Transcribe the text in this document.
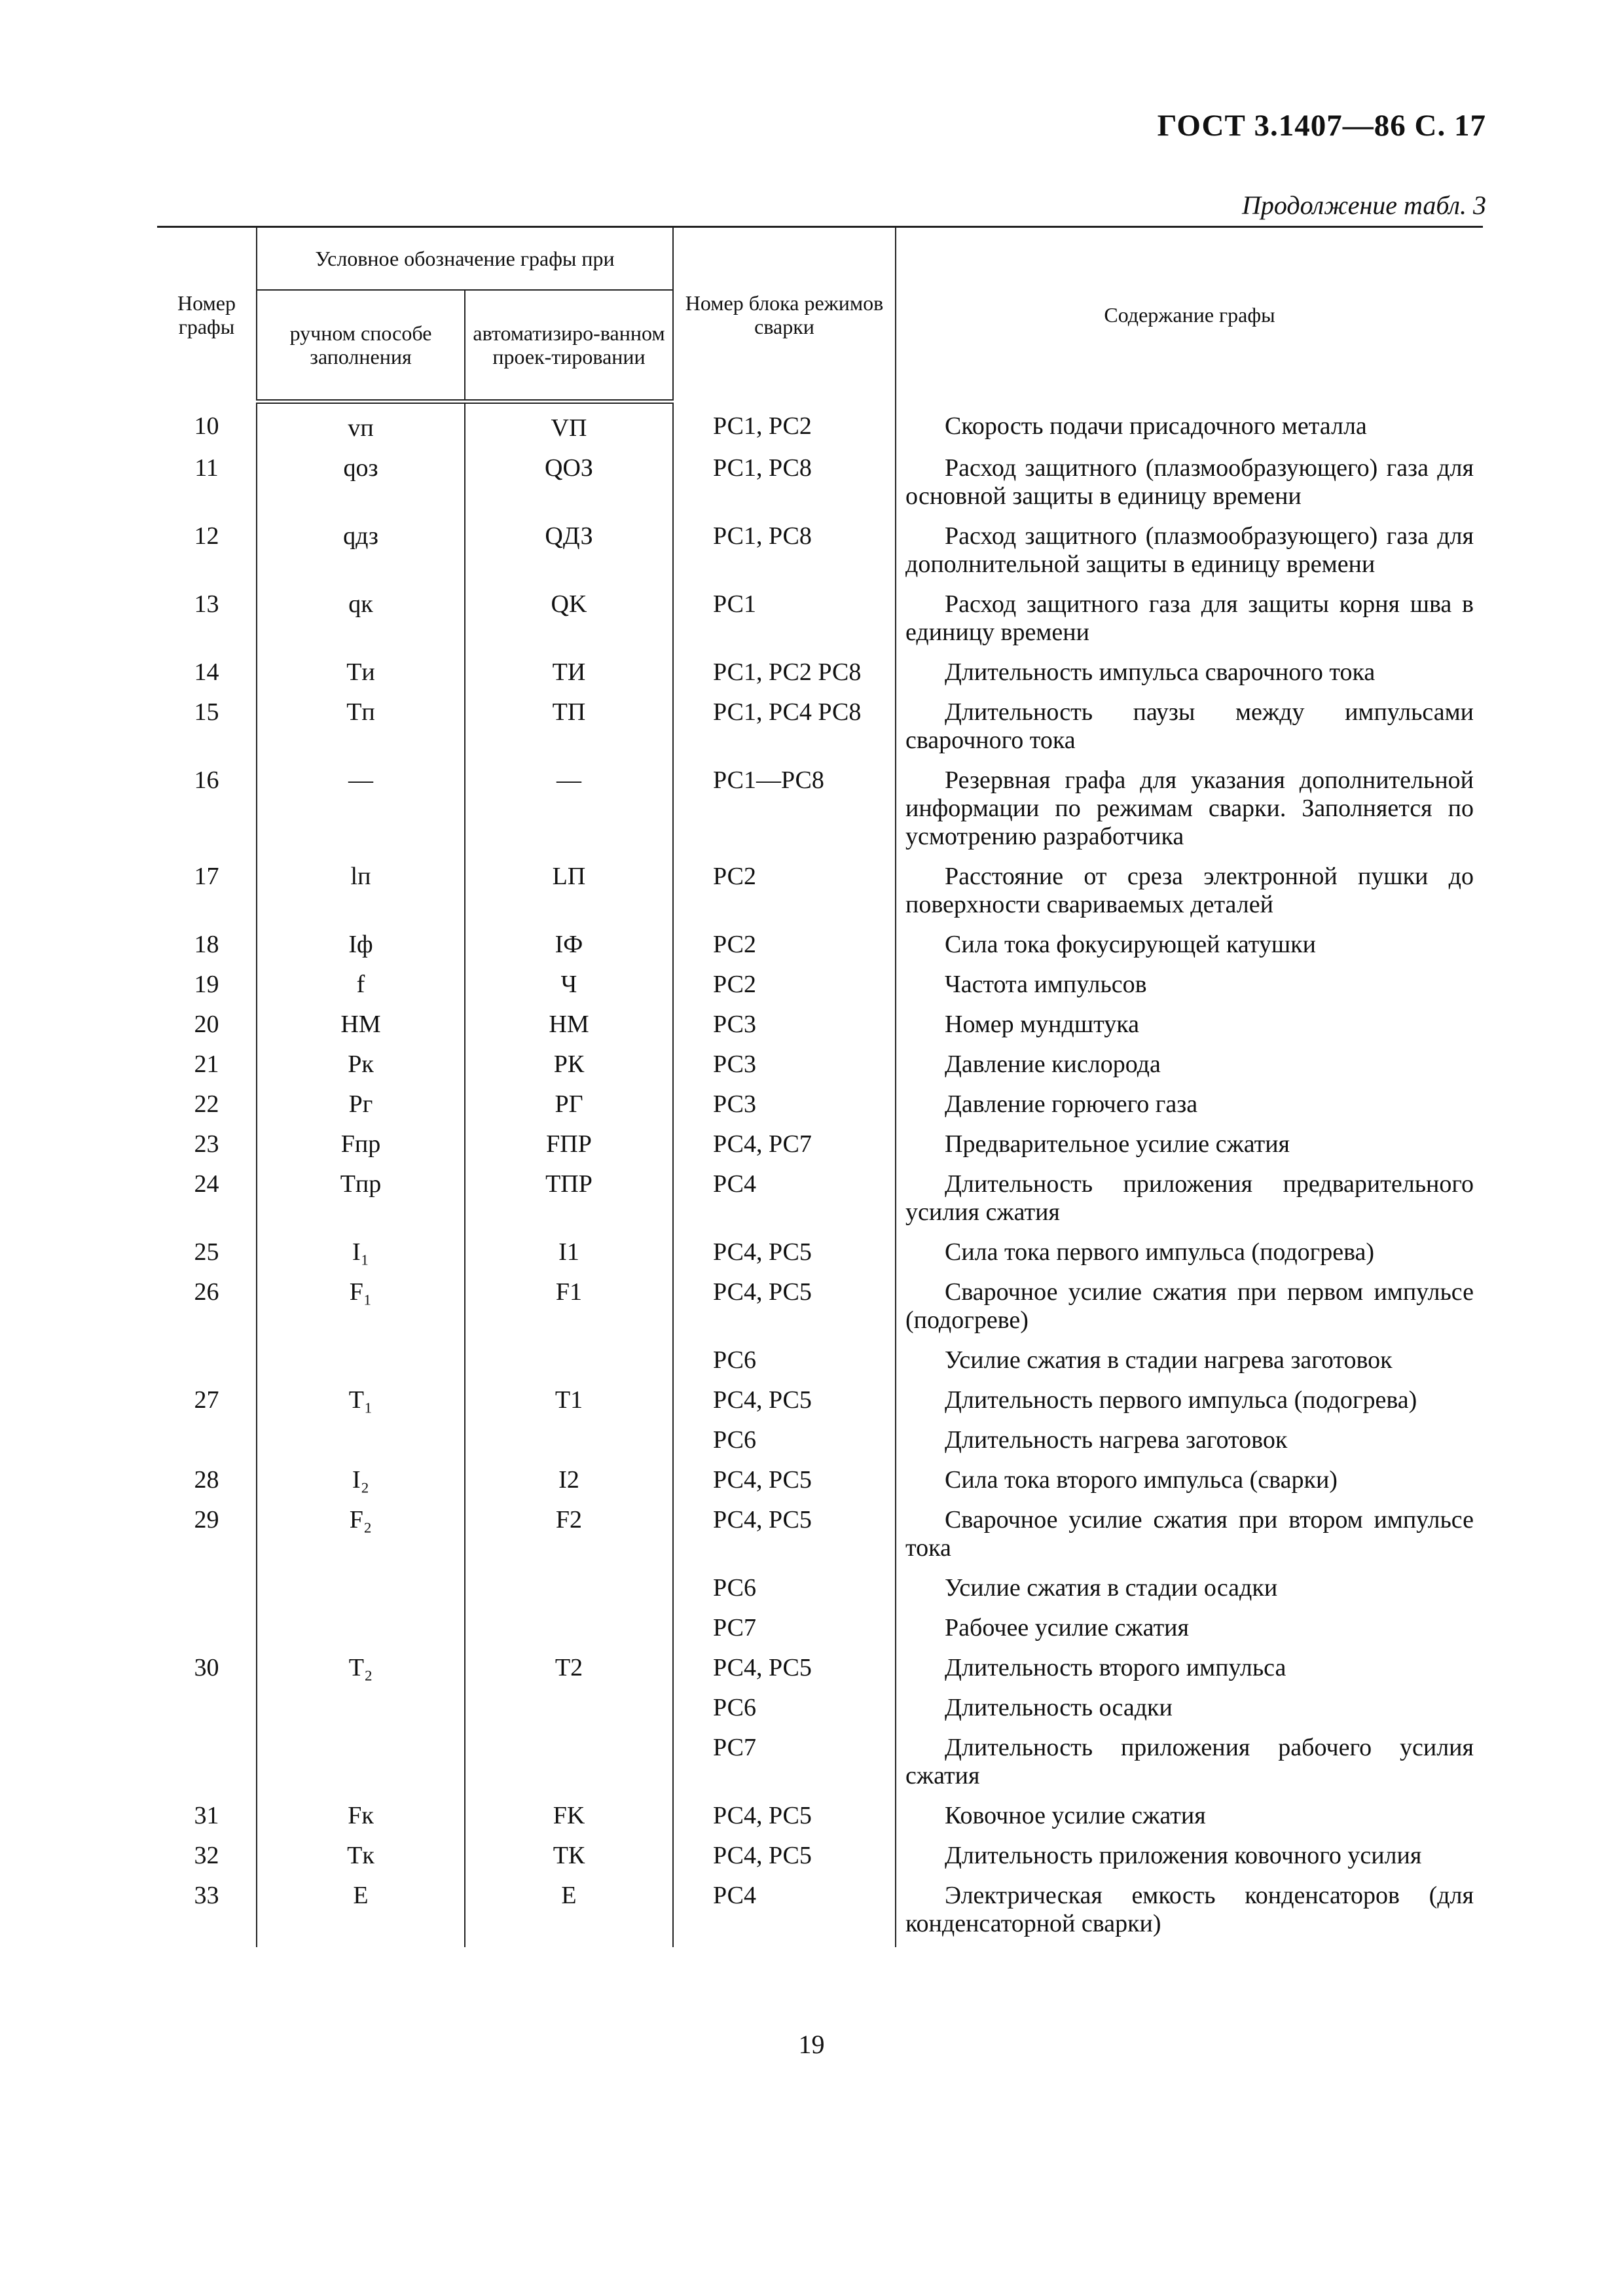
ГОСТ 3.1407—86 С. 17
Продолжение табл. 3
Номер графы	Условное обозначение графы при		Номер блока режимов сварки	Содержание графы
	ручном способе заполнения	автоматизиро-ванном проек-тировании		
10	vп	VП	РС1, РС2	Скорость подачи присадочного металла
11	qоз	QОЗ	РС1, РС8	Расход защитного (плазмообразующего) газа для основной защиты в единицу времени
12	qдз	QДЗ	РС1, РС8	Расход защитного (плазмообразующего) газа для дополнительной защиты в единицу времени
13	qк	QK	РС1	Расход защитного газа для защиты корня шва в единицу времени
14	Tи	ТИ	РС1, РС2 РС8	Длительность импульса сварочного тока
15	Tп	ТП	РС1, РС4 РС8	Длительность паузы между импульсами сварочного тока
16	—	—	РС1—РС8	Резервная графа для указания дополнительной информации по режимам сварки. Заполняется по усмотрению разработчика
17	lп	LП	РС2	Расстояние от среза электронной пушки до поверхности свариваемых деталей
18	Iф	IФ	РС2	Сила тока фокусирующей катушки
19	f	Ч	РС2	Частота импульсов
20	НМ	НМ	РС3	Номер мундштука
21	Pк	РК	РС3	Давление кислорода
22	Pг	РГ	РС3	Давление горючего газа
23	Fпр	FПР	РС4, РС7	Предварительное усилие сжатия
24	Tпр	ТПР	РС4	Длительность приложения предварительного усилия сжатия
25	I₁	I1	РС4, РС5	Сила тока первого импульса (подогрева)
26	F₁	F1	РС4, РС5	Сварочное усилие сжатия при первом импульсе (подогреве)
			РС6	Усилие сжатия в стадии нагрева заготовок
27	T₁	T1	РС4, РС5	Длительность первого импульса (подогрева)
			РС6	Длительность нагрева заготовок
28	I₂	I2	РС4, РС5	Сила тока второго импульса (сварки)
29	F₂	F2	РС4, РС5	Сварочное усилие сжатия при втором импульсе тока
			РС6	Усилие сжатия в стадии осадки
			РС7	Рабочее усилие сжатия
30	T₂	T2	РС4, РС5	Длительность второго импульса
			РС6	Длительность осадки
			РС7	Длительность приложения рабочего усилия сжатия
31	Fк	FK	РС4, РС5	Ковочное усилие сжатия
32	Tк	ТК	РС4, РС5	Длительность приложения ковочного усилия
33	E	E	РС4	Электрическая емкость конденсаторов (для конденсаторной сварки)
19
